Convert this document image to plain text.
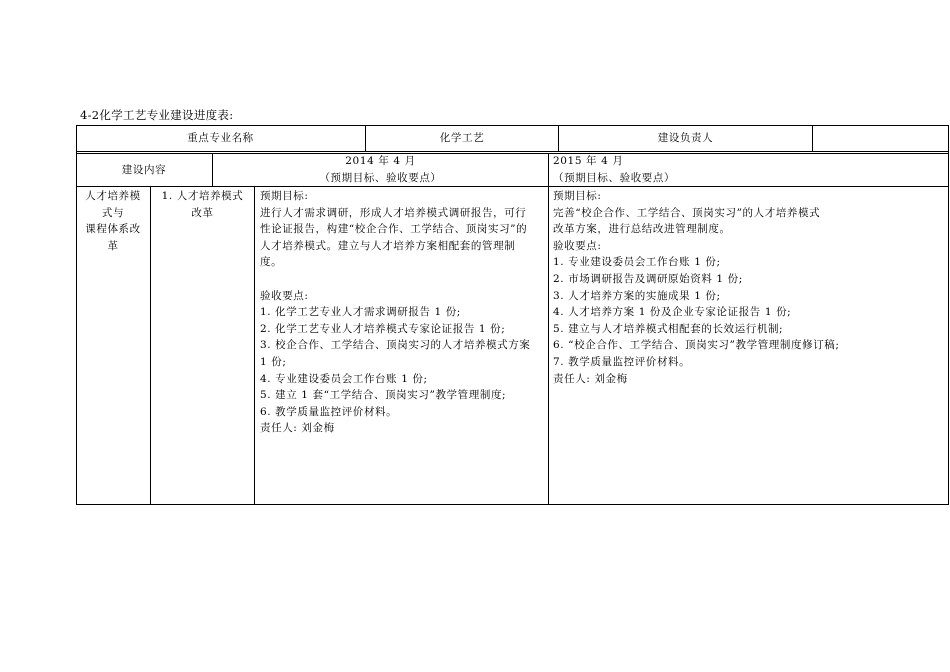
4-2化学工艺专业建设进度表:
重点专业名称	化学工艺	建设负责人
建设内容
2014 年 4 月
（预期目标、验收要点）
2015 年 4 月
（预期目标、验收要点）
人才培养模
式与
课程体系改
革
1. 人才培养模式
改革
预期目标:
进行人才需求调研，形成人才培养模式调研报告，可行
性论证报告，构建“校企合作、工学结合、顶岗实习”的
人才培养模式。建立与人才培养方案相配套的管理制
度。
验收要点:
1. 化学工艺专业人才需求调研报告 1 份;
2. 化学工艺专业人才培养模式专家论证报告 1 份;
3. 校企合作、工学结合、顶岗实习的人才培养模式方案
1 份;
4. 专业建设委员会工作台账 1 份;
5. 建立 1 套“工学结合、顶岗实习”教学管理制度;
6. 教学质量监控评价材料。
责任人: 刘金梅
预期目标:
完善“校企合作、工学结合、顶岗实习”的人才培养模式
改革方案，进行总结改进管理制度。
验收要点:
1. 专业建设委员会工作台账 1 份;
2. 市场调研报告及调研原始资料 1 份;
3. 人才培养方案的实施成果 1 份;
4. 人才培养方案 1 份及企业专家论证报告 1 份;
5. 建立与人才培养模式相配套的长效运行机制;
6. “校企合作、工学结合、顶岗实习”教学管理制度修订稿;
7. 教学质量监控评价材料。
责任人: 刘金梅
